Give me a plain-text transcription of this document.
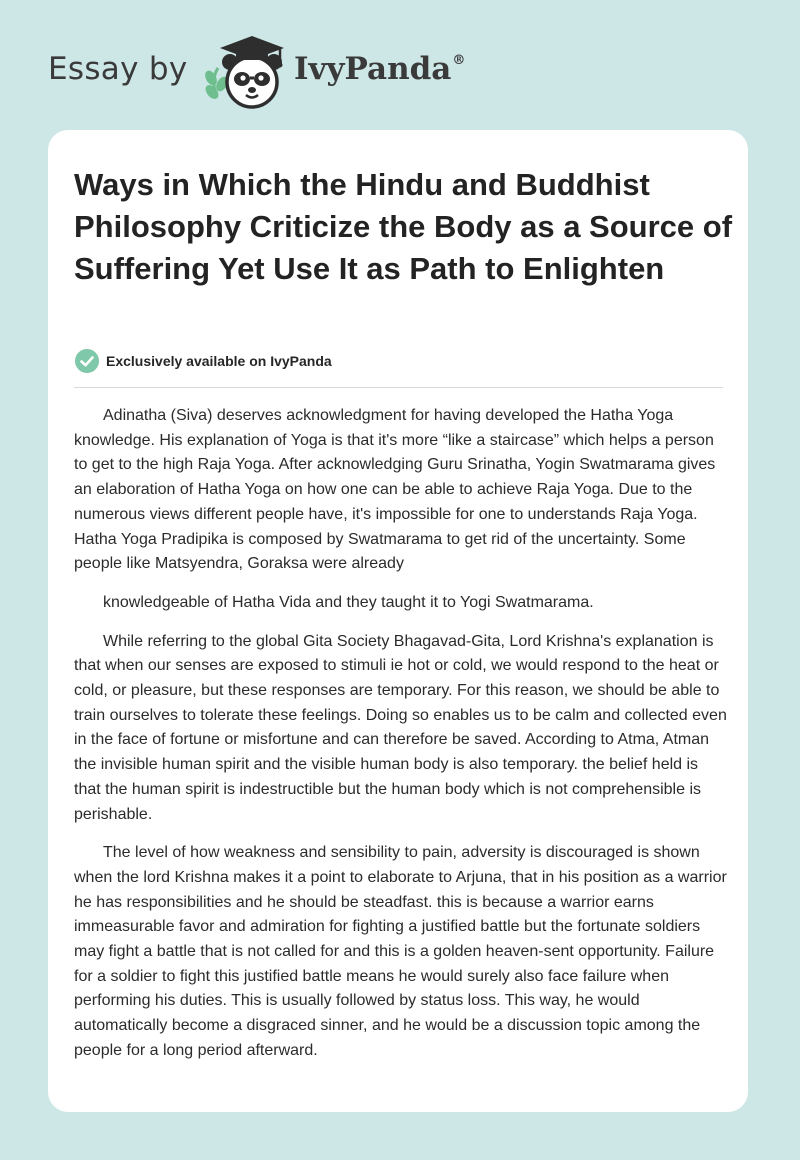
Essay by	IvyPanda®
Ways in Which the Hindu and Buddhist Philosophy Criticize the Body as a Source of Suffering Yet Use It as Path to Enlighten
Exclusively available on IvyPanda

Adinatha (Siva) deserves acknowledgment for having developed the Hatha Yoga knowledge. His explanation of Yoga is that it's more “like a staircase” which helps a person to get to the high Raja Yoga. After acknowledging Guru Srinatha, Yogin Swatmarama gives an elaboration of Hatha Yoga on how one can be able to achieve Raja Yoga. Due to the numerous views different people have, it's impossible for one to understands Raja Yoga. Hatha Yoga Pradipika is composed by Swatmarama to get rid of the uncertainty. Some people like Matsyendra, Goraksa were already

knowledgeable of Hatha Vida and they taught it to Yogi Swatmarama.

While referring to the global Gita Society Bhagavad-Gita, Lord Krishna's explanation is that when our senses are exposed to stimuli ie hot or cold, we would respond to the heat or cold, or pleasure, but these responses are temporary. For this reason, we should be able to train ourselves to tolerate these feelings. Doing so enables us to be calm and collected even in the face of fortune or misfortune and can therefore be saved. According to Atma, Atman the invisible human spirit and the visible human body is also temporary. the belief held is that the human spirit is indestructible but the human body which is not comprehensible is perishable.

The level of how weakness and sensibility to pain, adversity is discouraged is shown when the lord Krishna makes it a point to elaborate to Arjuna, that in his position as a warrior he has responsibilities and he should be steadfast. this is because a warrior earns immeasurable favor and admiration for fighting a justified battle but the fortunate soldiers may fight a battle that is not called for and this is a golden heaven-sent opportunity. Failure for a soldier to fight this justified battle means he would surely also face failure when performing his duties. This is usually followed by status loss. This way, he would automatically become a disgraced sinner, and he would be a discussion topic among the people for a long period afterward.
